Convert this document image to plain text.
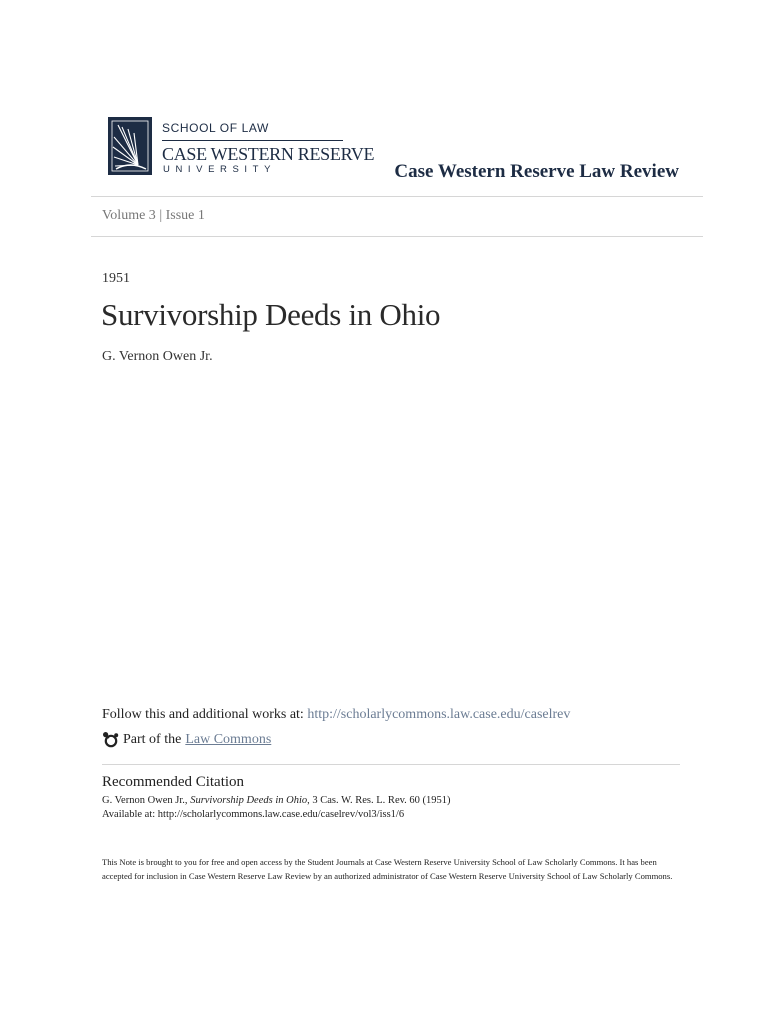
SCHOOL OF LAW
CASE WESTERN RESERVE
UNIVERSITY	Case Western Reserve Law Review
Volume 3 | Issue 1
1951
Survivorship Deeds in Ohio
G. Vernon Owen Jr.
Follow this and additional works at: http://scholarlycommons.law.case.edu/caselrev
Part of the Law Commons
Recommended Citation
G. Vernon Owen Jr., Survivorship Deeds in Ohio, 3 Cas. W. Res. L. Rev. 60 (1951)
Available at: http://scholarlycommons.law.case.edu/caselrev/vol3/iss1/6
This Note is brought to you for free and open access by the Student Journals at Case Western Reserve University School of Law Scholarly Commons. It has been accepted for inclusion in Case Western Reserve Law Review by an authorized administrator of Case Western Reserve University School of Law Scholarly Commons.
